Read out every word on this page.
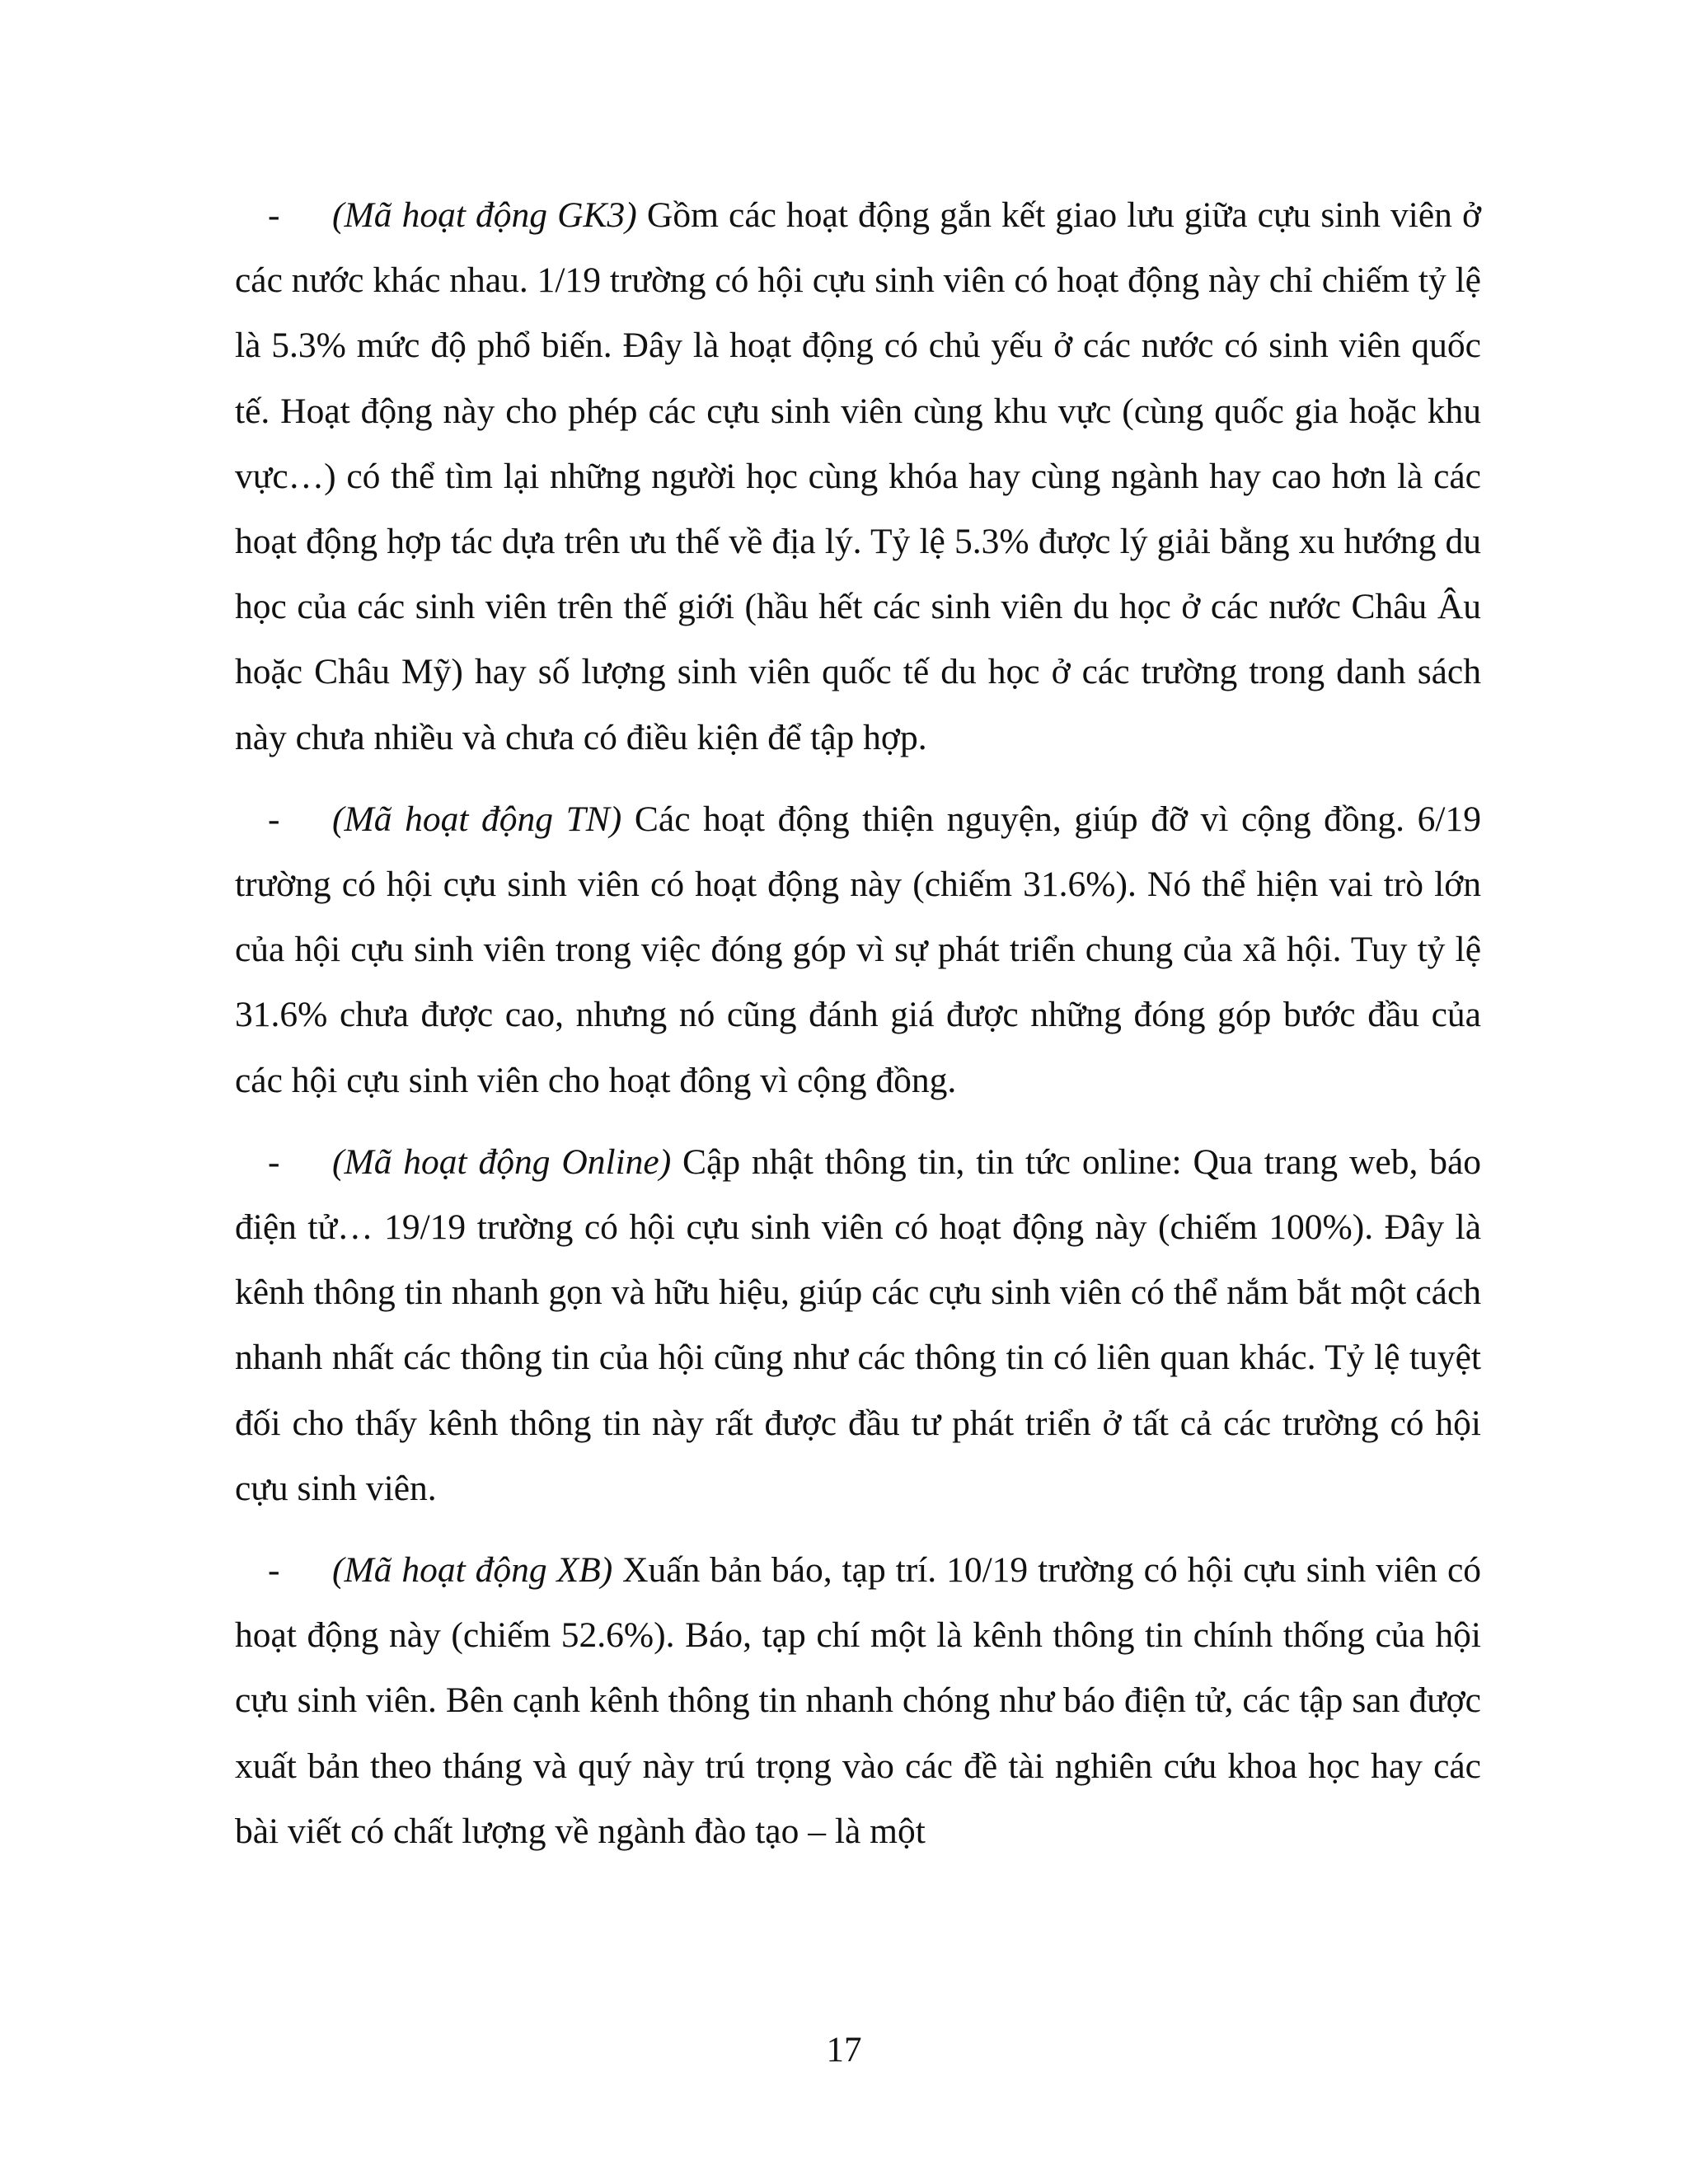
- (Mã hoạt động GK3) Gồm các hoạt động gắn kết giao lưu giữa cựu sinh viên ở các nước khác nhau. 1/19 trường có hội cựu sinh viên có hoạt động này chỉ chiếm tỷ lệ là 5.3% mức độ phổ biến. Đây là hoạt động có chủ yếu ở các nước có sinh viên quốc tế. Hoạt động này cho phép các cựu sinh viên cùng khu vực (cùng quốc gia hoặc khu vực…) có thể tìm lại những người học cùng khóa hay cùng ngành hay cao hơn là các hoạt động hợp tác dựa trên ưu thế về địa lý. Tỷ lệ 5.3% được lý giải bằng xu hướng du học của các sinh viên trên thế giới (hầu hết các sinh viên du học ở các nước Châu Âu hoặc Châu Mỹ) hay số lượng sinh viên quốc tế du học ở các trường trong danh sách này chưa nhiều và chưa có điều kiện để tập hợp.

- (Mã hoạt động TN) Các hoạt động thiện nguyện, giúp đỡ vì cộng đồng. 6/19 trường có hội cựu sinh viên có hoạt động này (chiếm 31.6%). Nó thể hiện vai trò lớn của hội cựu sinh viên trong việc đóng góp vì sự phát triển chung của xã hội. Tuy tỷ lệ 31.6% chưa được cao, nhưng nó cũng đánh giá được những đóng góp bước đầu của các hội cựu sinh viên cho hoạt đông vì cộng đồng.

- (Mã hoạt động Online) Cập nhật thông tin, tin tức online: Qua trang web, báo điện tử… 19/19 trường có hội cựu sinh viên có hoạt động này (chiếm 100%). Đây là kênh thông tin nhanh gọn và hữu hiệu, giúp các cựu sinh viên có thể nắm bắt một cách nhanh nhất các thông tin của hội cũng như các thông tin có liên quan khác. Tỷ lệ tuyệt đối cho thấy kênh thông tin này rất được đầu tư phát triển ở tất cả các trường có hội cựu sinh viên.

- (Mã hoạt động XB) Xuấn bản báo, tạp trí. 10/19 trường có hội cựu sinh viên có hoạt động này (chiếm 52.6%). Báo, tạp chí một là kênh thông tin chính thống của hội cựu sinh viên. Bên cạnh kênh thông tin nhanh chóng như báo điện tử, các tập san được xuất bản theo tháng và quý này trú trọng vào các đề tài nghiên cứu khoa học hay các bài viết có chất lượng về ngành đào tạo – là một

17
